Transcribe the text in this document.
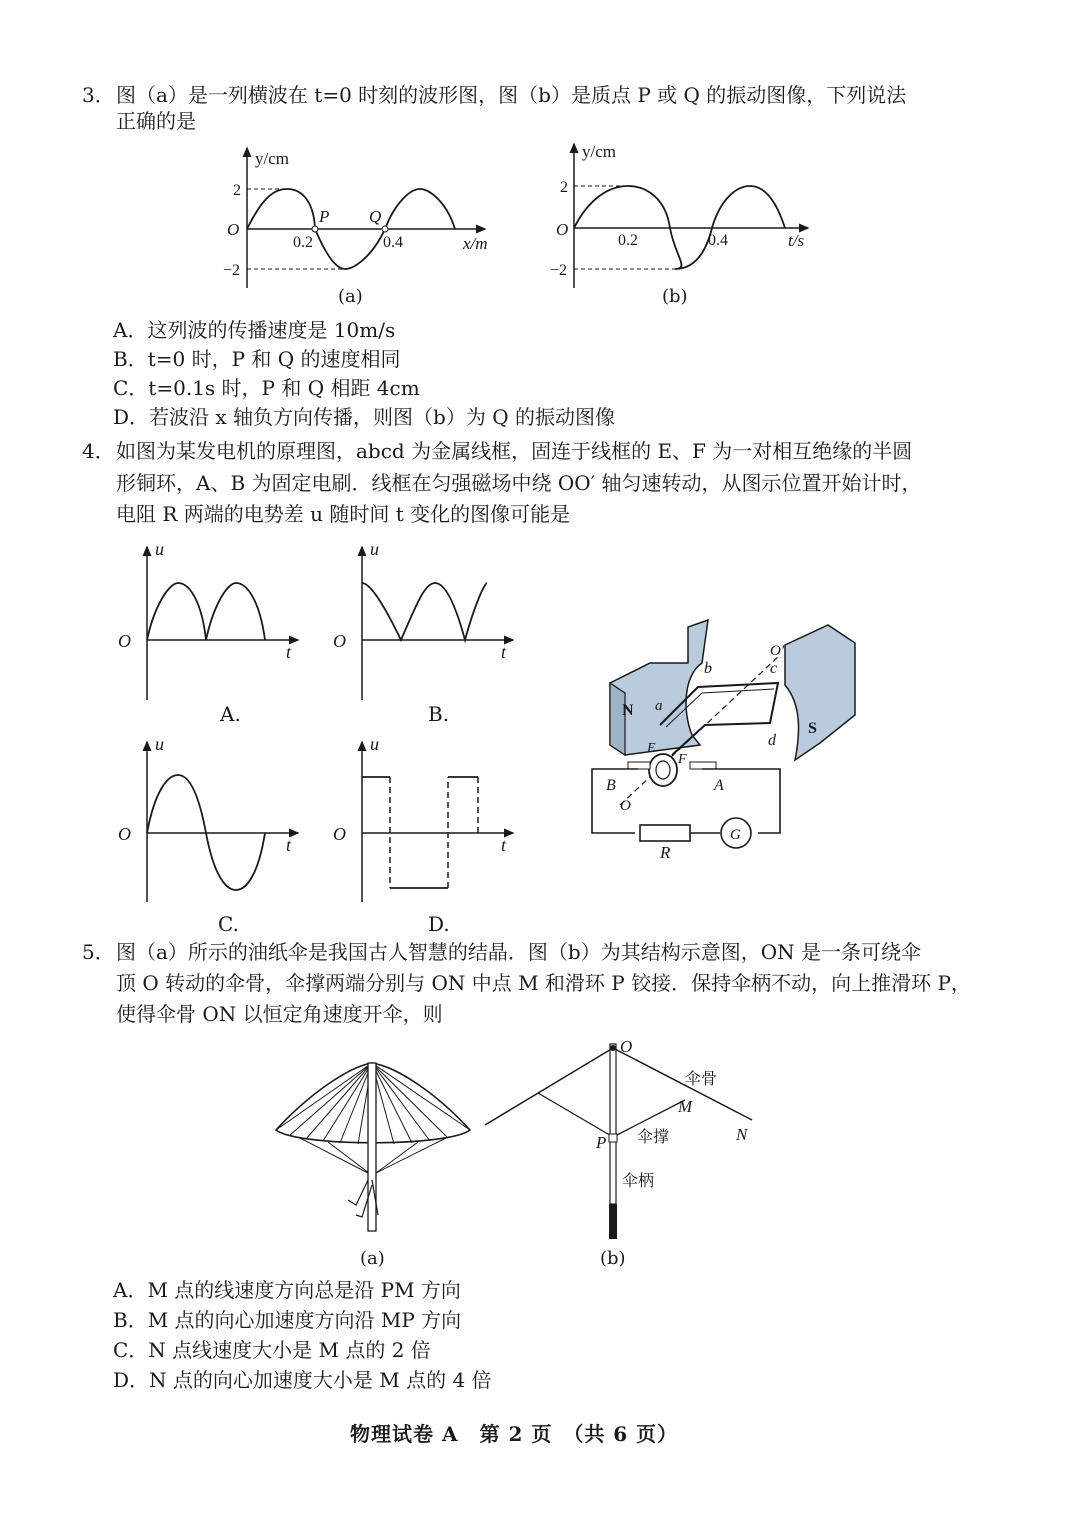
3． 图（a）是一列横波在 t=0 时刻的波形图，图（b）是质点 P 或 Q 的振动图像，下列说法
正确的是
y/cm
x/m
O
2
−2
0.2	0.4
P Q
(a)
y/cm
t/s
O
2
−2
0.2	0.4
(b)
A．这列波的传播速度是 10m/s
B．t=0 时，P 和 Q 的速度相同
C．t=0.1s 时，P 和 Q 相距 4cm
D．若波沿 x 轴负方向传播，则图（b）为 Q 的振动图像
4． 如图为某发电机的原理图，abcd 为金属线框，固连于线框的 E、F 为一对相互绝缘的半圆
形铜环，A、B 为固定电刷．线框在匀强磁场中绕 OO′ 轴匀速转动，从图示位置开始计时，
电阻 R 两端的电势差 u 随时间 t 变化的图像可能是
u
t
O
A.
u
t
O
B.
u
t
O
C.
u
t
O
D.
N
S
a
b	c
d
E
F
B	A
O
O′
R
G
5． 图（a）所示的油纸伞是我国古人智慧的结晶．图（b）为其结构示意图，ON 是一条可绕伞
顶 O 转动的伞骨，伞撑两端分别与 ON 中点 M 和滑环 P 铰接．保持伞柄不动，向上推滑环 P，
使得伞骨 ON 以恒定角速度开伞，则
(a)
O
M
N
P
伞骨
伞撑
伞柄
(b)
A．M 点的线速度方向总是沿 PM 方向
B．M 点的向心加速度方向沿 MP 方向
C．N 点线速度大小是 M 点的 2 倍
D．N 点的向心加速度大小是 M 点的 4 倍
物理试卷 A　第 2 页　（共 6 页）
